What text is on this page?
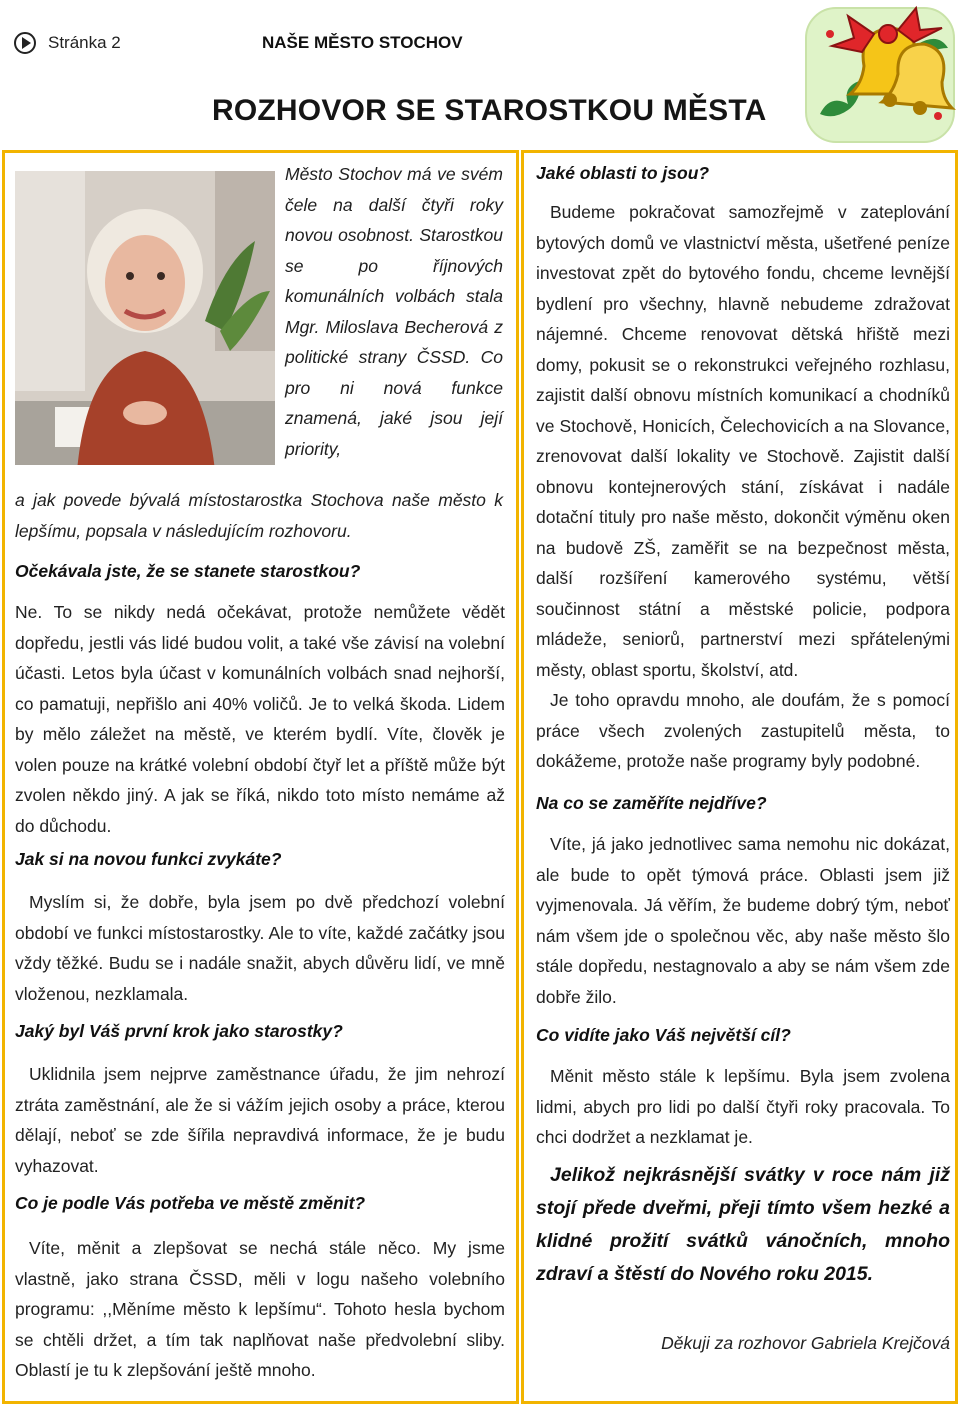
Stránka 2	NAŠE MĚSTO STOCHOV
ROZHOVOR SE STAROSTKOU MĚSTA
Město Stochov má ve svém čele na další čtyři roky novou osobnost. Starostkou se po říjnových komunálních volbách stala Mgr. Miloslava Becherová z politické strany ČSSD. Co pro ni nová funkce znamená, jaké jsou její priority,
a jak povede bývalá místostarostka Stochova naše město k lepšímu, popsala v následujícím rozhovoru.
Očekávala jste, že se stanete starostkou?

Ne. To se nikdy nedá očekávat, protože nemůžete vědět dopředu, jestli vás lidé budou volit, a také vše závisí na volební účasti. Letos byla účast v komunálních volbách snad nejhorší, co pamatuji, nepřišlo ani 40% voličů. Je to velká škoda. Lidem by mělo záležet na městě, ve kterém bydlí. Víte, člověk je volen pouze na krátké volební období čtyř let a příště může být zvolen někdo jiný. A jak se říká, nikdo toto místo nemáme až do důchodu.

Jak si na novou funkci zvykáte?

Myslím si, že dobře, byla jsem po dvě předchozí volební období ve funkci místostarostky. Ale to víte, každé začátky jsou vždy těžké. Budu se i nadále snažit, abych důvěru lidí, ve mně vloženou, nezklamala.

Jaký byl Váš první krok jako starostky?

Uklidnila jsem nejprve zaměstnance úřadu, že jim nehrozí ztráta zaměstnání, ale že si vážím jejich osoby a práce, kterou dělají, neboť se zde šířila nepravdivá informace, že je budu vyhazovat.

Co je podle Vás potřeba ve městě změnit?

Víte, měnit a zlepšovat se nechá stále něco. My jsme vlastně, jako strana ČSSD, měli v logu našeho volebního programu: ,,Měníme město k lepšímu“. Tohoto hesla bychom se chtěli držet, a tím tak naplňovat naše předvolební sliby. Oblastí je tu k zlepšování ještě mnoho.

Jaké oblasti to jsou?

Budeme pokračovat samozřejmě v zateplování bytových domů ve vlastnictví města, ušetřené peníze investovat zpět do bytového fondu, chceme levnější bydlení pro všechny, hlavně nebudeme zdražovat nájemné. Chceme renovovat dětská hřiště mezi domy, pokusit se o rekonstrukci veřejného rozhlasu, zajistit další obnovu místních komunikací a chodníků ve Stochově, Honicích, Čelechovicích a na Slovance, zrenovovat další lokality ve Stochově. Zajistit další obnovu kontejnerových stání, získávat i nadále dotační tituly pro naše město, dokončit výměnu oken na budově ZŠ, zaměřit se na bezpečnost města, další rozšíření kamerového systému, větší součinnost státní a městské policie, podpora mládeže, seniorů, partnerství mezi spřátelenými městy, oblast sportu, školství, atd.

Je toho opravdu mnoho, ale doufám, že s pomocí práce všech zvolených zastupitelů města, to dokážeme, protože naše programy byly podobné.

Na co se zaměříte nejdříve?

Víte, já jako jednotlivec sama nemohu nic dokázat, ale bude to opět týmová práce. Oblasti jsem již vyjmenovala. Já věřím, že budeme dobrý tým, neboť nám všem jde o společnou věc, aby naše město šlo stále dopředu, nestagnovalo a aby se nám všem zde dobře žilo.

Co vidíte jako Váš největší cíl?

Měnit město stále k lepšímu. Byla jsem zvolena lidmi, abych pro lidi po další čtyři roky pracovala. To chci dodržet a nezklamat je.

Jelikož nejkrásnější svátky v roce nám již stojí přede dveřmi, přeji tímto všem hezké a klidné prožití svátků vánočních, mnoho zdraví a štěstí do Nového roku 2015.

Děkuji za rozhovor Gabriela Krejčová
